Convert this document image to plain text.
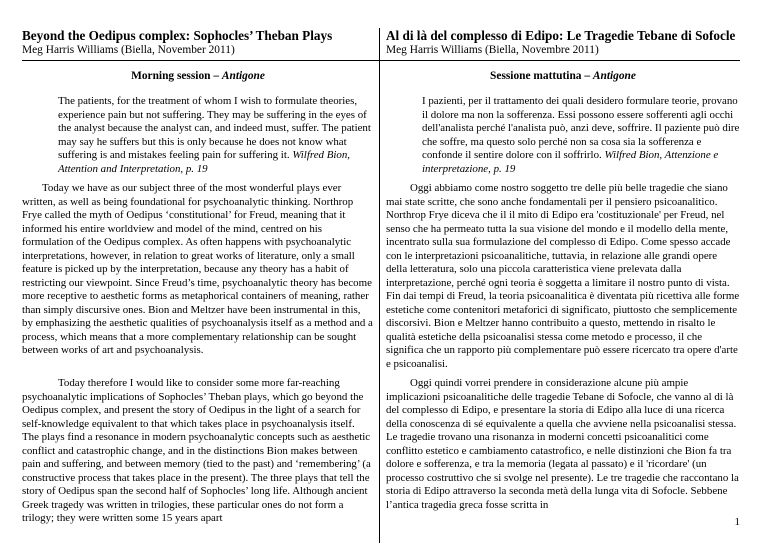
Beyond the Oedipus complex: Sophocles’ Theban Plays
Meg Harris Williams (Biella, November 2011)
Morning session – Antigone

The patients, for the treatment of whom I wish to formulate theories, experience pain but not suffering. They may be suffering in the eyes of the analyst because the analyst can, and indeed must, suffer. The patient may say he suffers but this is only because he does not know what suffering is and mistakes feeling pain for suffering it. Wilfred Bion, Attention and Interpretation, p. 19

Today we have as our subject three of the most wonderful plays ever written, as well as being foundational for psychoanalytic thinking. Northrop Frye called the myth of Oedipus ‘constitutional’ for Freud, meaning that it informed his entire worldview and model of the mind, centred on his formulation of the Oedipus complex. As often happens with psychoanalytic interpretations, however, in relation to great works of literature, only a small feature is picked up by the interpretation, because any theory has a habit of restricting our viewpoint. Since Freud’s time, psychoanalytic theory has become more receptive to aesthetic forms as metaphorical containers of meaning, rather than simply discursive ones. Bion and Meltzer have been instrumental in this, by emphasizing the aesthetic qualities of psychoanalysis itself as a method and a process, which means that a more complementary relationship can be sought between works of art and psychoanalysis.

Today therefore I would like to consider some more far-reaching psychoanalytic implications of Sophocles’ Theban plays, which go beyond the Oedipus complex, and present the story of Oedipus in the light of a search for self-knowledge equivalent to that which takes place in psychoanalysis itself. The plays find a resonance in modern psychoanalytic concepts such as aesthetic conflict and catastrophic change, and in the distinctions Bion makes between pain and suffering, and between memory (tied to the past) and ‘remembering’ (a constructive process that takes place in the present). The three plays that tell the story of Oedipus span the second half of Sophocles’ long life. Although ancient Greek tragedy was written in trilogies, these particular ones do not form a trilogy; they were written some 15 years apart

Al di là del complesso di Edipo: Le Tragedie Tebane di Sofocle
Meg Harris Williams (Biella, Novembre 2011)
Sessione mattutina – Antigone

I pazienti, per il trattamento dei quali desidero formulare teorie, provano il dolore ma non la sofferenza. Essi possono essere sofferenti agli occhi dell'analista perché l'analista può, anzi deve, soffrire. Il paziente può dire che soffre, ma questo solo perché non sa cosa sia la sofferenza e confonde il sentire dolore con il soffrirlo. Wilfred Bion, Attenzione e interpretazione, p. 19

Oggi abbiamo come nostro soggetto tre delle più belle tragedie che siano mai state scritte, che sono anche fondamentali per il pensiero psicoanalitico. Northrop Frye diceva che il il mito di Edipo era 'costituzionale' per Freud, nel senso che ha permeato tutta la sua visione del mondo e il modello della mente, incentrato sulla sua formulazione del complesso di Edipo. Come spesso accade con le interpretazioni psicoanalitiche, tuttavia, in relazione alle grandi opere della letteratura, solo una piccola caratteristica viene prelevata dalla interpretazione, perché ogni teoria è soggetta a limitare il nostro punto di vista. Fin dai tempi di Freud, la teoria psicoanalitica è diventata più ricettiva alle forme estetiche come contenitori metaforici di significato, piuttosto che semplicemente discorsivi. Bion e Meltzer hanno contribuito a questo, mettendo in risalto le qualità estetiche della psicoanalisi stessa come metodo e processo, il che significa che un rapporto più complementare può essere ricercato tra opere d'arte e psicoanalisi.

Oggi quindi vorrei prendere in considerazione alcune più ampie implicazioni psicoanalitiche delle tragedie Tebane di Sofocle, che vanno al di là del complesso di Edipo, e presentare la storia di Edipo alla luce di una ricerca della conoscenza di sé equivalente a quella che avviene nella psicoanalisi stessa. Le tragedie trovano una risonanza in moderni concetti psicoanalitici come conflitto estetico e cambiamento catastrofico, e nelle distinzioni che Bion fa tra dolore e sofferenza, e tra la memoria (legata al passato) e il 'ricordare' (un processo costruttivo che si svolge nel presente). Le tre tragedie che raccontano la storia di Edipo attraverso la seconda metà della lunga vita di Sofocle. Sebbene l’antica tragedia greca fosse scritta in

1
